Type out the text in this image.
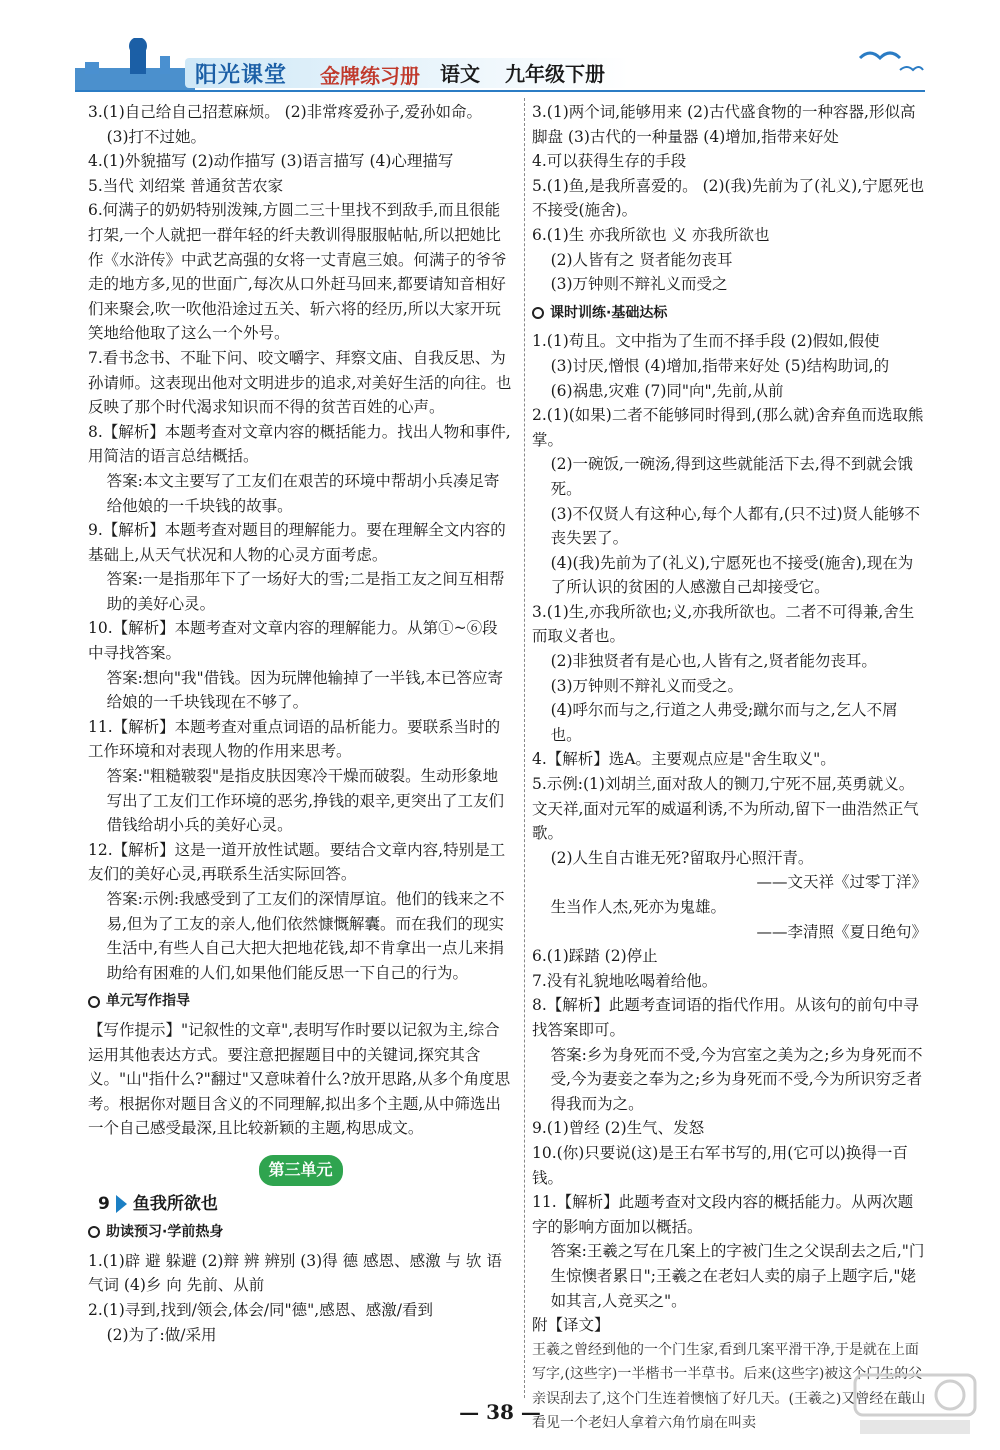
阳光课堂 金牌练习册 语文 九年级下册

3.(1)自己给自己招惹麻烦。 (2)非常疼爱孙子,爱孙如命。

(3)打不过她。

4.(1)外貌描写 (2)动作描写 (3)语言描写 (4)心理描写

5.当代 刘绍棠 普通贫苦农家

6.何满子的奶奶特别泼辣,方圆二三十里找不到敌手,而且很能打架,一个人就把一群年轻的纤夫教训得服服帖帖,所以把她比作《水浒传》中武艺高强的女将一丈青扈三娘。何满子的爷爷走的地方多,见的世面广,每次从口外赶马回来,都要请知音相好们来聚会,吹一吹他沿途过五关、斩六将的经历,所以大家开玩笑地给他取了这么一个外号。

7.看书念书、不耻下问、咬文嚼字、拜察文庙、自我反思、为孙请师。这表现出他对文明进步的追求,对美好生活的向往。也反映了那个时代渴求知识而不得的贫苦百姓的心声。

8.【解析】本题考查对文章内容的概括能力。找出人物和事件,用简洁的语言总结概括。

答案:本文主要写了工友们在艰苦的环境中帮胡小兵凑足寄给他娘的一千块钱的故事。

9.【解析】本题考查对题目的理解能力。要在理解全文内容的基础上,从天气状况和人物的心灵方面考虑。

答案:一是指那年下了一场好大的雪;二是指工友之间互相帮助的美好心灵。

10.【解析】本题考查对文章内容的理解能力。从第①~⑥段中寻找答案。

答案:想向"我"借钱。因为玩牌他输掉了一半钱,本已答应寄给娘的一千块钱现在不够了。

11.【解析】本题考查对重点词语的品析能力。要联系当时的工作环境和对表现人物的作用来思考。

答案:"粗糙皲裂"是指皮肤因寒冷干燥而破裂。生动形象地写出了工友们工作环境的恶劣,挣钱的艰辛,更突出了工友们借钱给胡小兵的美好心灵。

12.【解析】这是一道开放性试题。要结合文章内容,特别是工友们的美好心灵,再联系生活实际回答。

答案:示例:我感受到了工友们的深情厚谊。他们的钱来之不易,但为了工友的亲人,他们依然慷慨解囊。而在我们的现实生活中,有些人自己大把大把地花钱,却不肯拿出一点儿来捐助给有困难的人们,如果他们能反思一下自己的行为。

单元写作指导

【写作提示】"记叙性的文章",表明写作时要以记叙为主,综合运用其他表达方式。要注意把握题目中的关键词,探究其含义。"山"指什么?"翻过"又意味着什么?放开思路,从多个角度思考。根据你对题目含义的不同理解,拟出多个主题,从中筛选出一个自己感受最深,且比较新颖的主题,构思成文。

第三单元
9 鱼我所欲也
助读预习·学前热身

1.(1)辟 避 躲避 (2)辩 辨 辨别 (3)得 德 感恩、感激 与 欤 语气词 (4)乡 向 先前、从前

2.(1)寻到,找到/领会,体会/同"德",感恩、感激/看到

(2)为了:做/采用

3.(1)两个词,能够用来 (2)古代盛食物的一种容器,形似高脚盘 (3)古代的一种量器 (4)增加,指带来好处

4.可以获得生存的手段

5.(1)鱼,是我所喜爱的。 (2)(我)先前为了(礼义),宁愿死也不接受(施舍)。

6.(1)生 亦我所欲也 义 亦我所欲也

(2)人皆有之 贤者能勿丧耳

(3)万钟则不辩礼义而受之

课时训练·基础达标

1.(1)苟且。文中指为了生而不择手段 (2)假如,假使

(3)讨厌,憎恨 (4)增加,指带来好处 (5)结构助词,的

(6)祸患,灾难 (7)同"向",先前,从前

2.(1)(如果)二者不能够同时得到,(那么就)舍弃鱼而选取熊掌。

(2)一碗饭,一碗汤,得到这些就能活下去,得不到就会饿死。

(3)不仅贤人有这种心,每个人都有,(只不过)贤人能够不丧失罢了。

(4)(我)先前为了(礼义),宁愿死也不接受(施舍),现在为了所认识的贫困的人感激自己却接受它。

3.(1)生,亦我所欲也;义,亦我所欲也。二者不可得兼,舍生而取义者也。

(2)非独贤者有是心也,人皆有之,贤者能勿丧耳。

(3)万钟则不辩礼义而受之。

(4)呼尔而与之,行道之人弗受;蹴尔而与之,乞人不屑也。

4.【解析】选A。主要观点应是"舍生取义"。

5.示例:(1)刘胡兰,面对敌人的铡刀,宁死不屈,英勇就义。文天祥,面对元军的威逼利诱,不为所动,留下一曲浩然正气歌。

(2)人生自古谁无死?留取丹心照汗青。

——文天祥《过零丁洋》

生当作人杰,死亦为鬼雄。

——李清照《夏日绝句》

6.(1)踩踏 (2)停止

7.没有礼貌地吆喝着给他。

8.【解析】此题考查词语的指代作用。从该句的前句中寻找答案即可。

答案:乡为身死而不受,今为宫室之美为之;乡为身死而不受,今为妻妾之奉为之;乡为身死而不受,今为所识穷乏者得我而为之。

9.(1)曾经 (2)生气、发怒

10.(你)只要说(这)是王右军书写的,用(它可以)换得一百钱。

11.【解析】此题考查对文段内容的概括能力。从两次题字的影响方面加以概括。

答案:王羲之写在几案上的字被门生之父误刮去之后,"门生惊懊者累日";王羲之在老妇人卖的扇子上题字后,"姥如其言,人竞买之"。

附【译文】

王羲之曾经到他的一个门生家,看到几案平滑干净,于是就在上面写字,(这些字)一半楷书一半草书。后来(这些字)被这个门生的父亲误刮去了,这个门生连着懊恼了好几天。(王羲之)又曾经在蕺山看见一个老妇人拿着六角竹扇在叫卖

— 38 —
